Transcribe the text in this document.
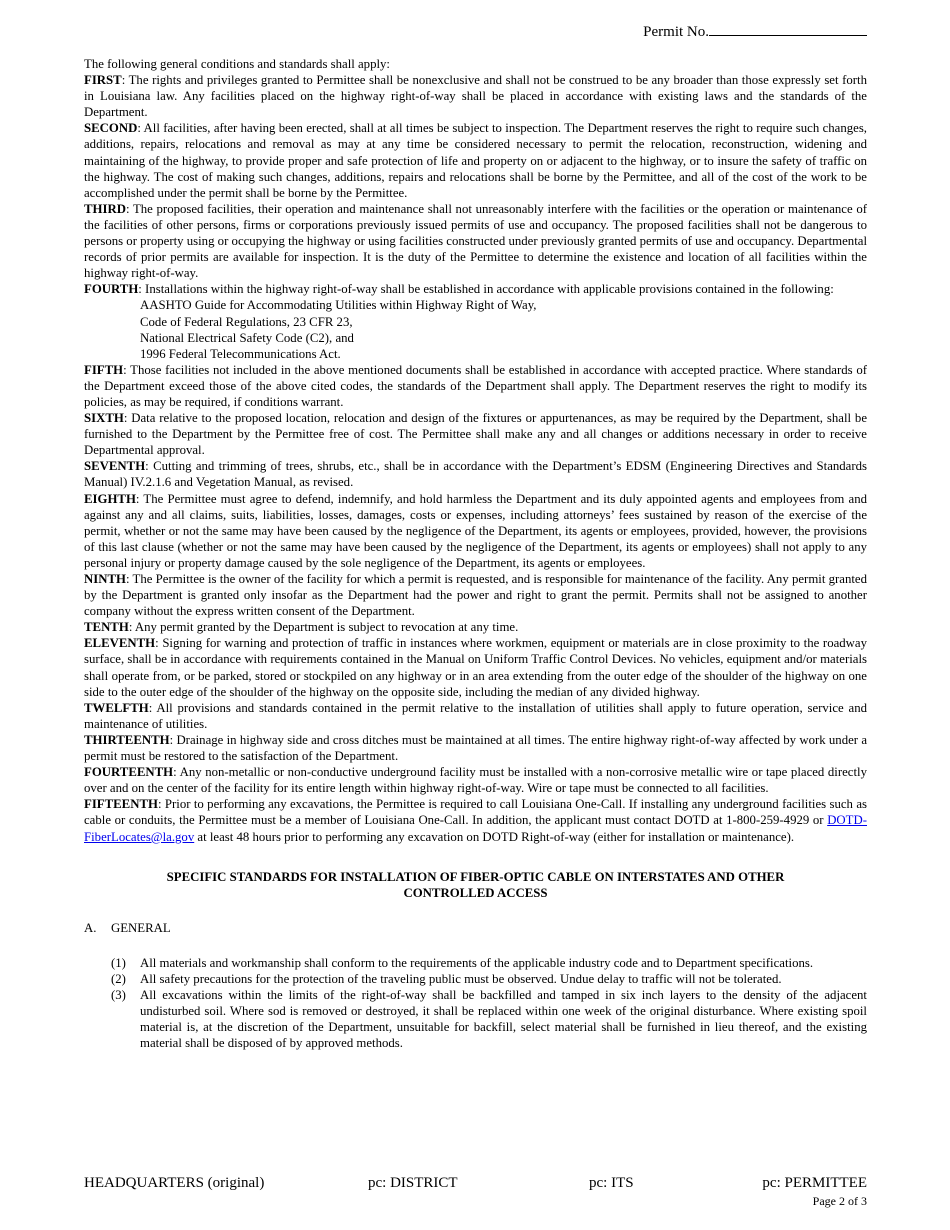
Permit No.

The following general conditions and standards shall apply:

FIRST: The rights and privileges granted to Permittee shall be nonexclusive and shall not be construed to be any broader than those expressly set forth in Louisiana law. Any facilities placed on the highway right-of-way shall be placed in accordance with existing laws and the standards of the Department.

SECOND: All facilities, after having been erected, shall at all times be subject to inspection. The Department reserves the right to require such changes, additions, repairs, relocations and removal as may at any time be considered necessary to permit the relocation, reconstruction, widening and maintaining of the highway, to provide proper and safe protection of life and property on or adjacent to the highway, or to insure the safety of traffic on the highway. The cost of making such changes, additions, repairs and relocations shall be borne by the Permittee, and all of the cost of the work to be accomplished under the permit shall be borne by the Permittee.

THIRD: The proposed facilities, their operation and maintenance shall not unreasonably interfere with the facilities or the operation or maintenance of the facilities of other persons, firms or corporations previously issued permits of use and occupancy. The proposed facilities shall not be dangerous to persons or property using or occupying the highway or using facilities constructed under previously granted permits of use and occupancy. Departmental records of prior permits are available for inspection. It is the duty of the Permittee to determine the existence and location of all facilities within the highway right-of-way.

FOURTH: Installations within the highway right-of-way shall be established in accordance with applicable provisions contained in the following:

AASHTO Guide for Accommodating Utilities within Highway Right of Way,
Code of Federal Regulations, 23 CFR 23,
National Electrical Safety Code (C2), and
1996 Federal Telecommunications Act.

FIFTH: Those facilities not included in the above mentioned documents shall be established in accordance with accepted practice. Where standards of the Department exceed those of the above cited codes, the standards of the Department shall apply. The Department reserves the right to modify its policies, as may be required, if conditions warrant.

SIXTH: Data relative to the proposed location, relocation and design of the fixtures or appurtenances, as may be required by the Department, shall be furnished to the Department by the Permittee free of cost. The Permittee shall make any and all changes or additions necessary in order to receive Departmental approval.

SEVENTH: Cutting and trimming of trees, shrubs, etc., shall be in accordance with the Department’s EDSM (Engineering Directives and Standards Manual) IV.2.1.6 and Vegetation Manual, as revised.

EIGHTH: The Permittee must agree to defend, indemnify, and hold harmless the Department and its duly appointed agents and employees from and against any and all claims, suits, liabilities, losses, damages, costs or expenses, including attorneys’ fees sustained by reason of the exercise of the permit, whether or not the same may have been caused by the negligence of the Department, its agents or employees, provided, however, the provisions of this last clause (whether or not the same may have been caused by the negligence of the Department, its agents or employees) shall not apply to any personal injury or property damage caused by the sole negligence of the Department, its agents or employees.

NINTH: The Permittee is the owner of the facility for which a permit is requested, and is responsible for maintenance of the facility. Any permit granted by the Department is granted only insofar as the Department had the power and right to grant the permit. Permits shall not be assigned to another company without the express written consent of the Department.

TENTH: Any permit granted by the Department is subject to revocation at any time.

ELEVENTH: Signing for warning and protection of traffic in instances where workmen, equipment or materials are in close proximity to the roadway surface, shall be in accordance with requirements contained in the Manual on Uniform Traffic Control Devices. No vehicles, equipment and/or materials shall operate from, or be parked, stored or stockpiled on any highway or in an area extending from the outer edge of the shoulder of the highway on one side to the outer edge of the shoulder of the highway on the opposite side, including the median of any divided highway.

TWELFTH: All provisions and standards contained in the permit relative to the installation of utilities shall apply to future operation, service and maintenance of utilities.

THIRTEENTH: Drainage in highway side and cross ditches must be maintained at all times. The entire highway right-of-way affected by work under a permit must be restored to the satisfaction of the Department.

FOURTEENTH: Any non-metallic or non-conductive underground facility must be installed with a non-corrosive metallic wire or tape placed directly over and on the center of the facility for its entire length within highway right-of-way. Wire or tape must be connected to all facilities.

FIFTEENTH: Prior to performing any excavations, the Permittee is required to call Louisiana One-Call. If installing any underground facilities such as cable or conduits, the Permittee must be a member of Louisiana One-Call. In addition, the applicant must contact DOTD at 1-800-259-4929 or DOTD-FiberLocates@la.gov at least 48 hours prior to performing any excavation on DOTD Right-of-way (either for installation or maintenance).

SPECIFIC STANDARDS FOR INSTALLATION OF FIBER-OPTIC CABLE ON INTERSTATES AND OTHER
CONTROLLED ACCESS
A. GENERAL
(1)	All materials and workmanship shall conform to the requirements of the applicable industry code and to Department specifications.
(2)	All safety precautions for the protection of the traveling public must be observed. Undue delay to traffic will not be tolerated.
(3)	All excavations within the limits of the right-of-way shall be backfilled and tamped in six inch layers to the density of the adjacent undisturbed soil. Where sod is removed or destroyed, it shall be replaced within one week of the original disturbance. Where existing spoil material is, at the discretion of the Department, unsuitable for backfill, select material shall be furnished in lieu thereof, and the existing material shall be disposed of by approved methods.
HEADQUARTERS (original)	pc: DISTRICT	pc: ITS	pc: PERMITTEE
Page 2 of 3
